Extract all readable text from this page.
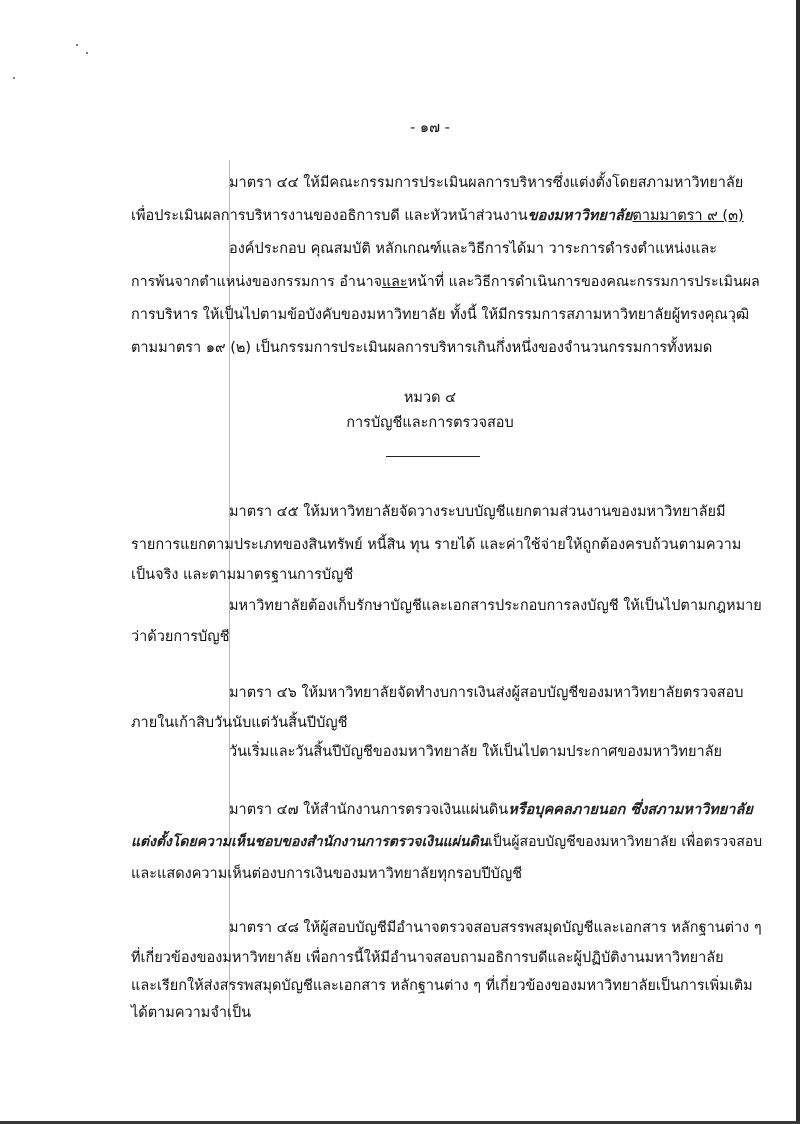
- ๑๗ -
มาตรา ๔๔ ให้มีคณะกรรมการประเมินผลการบริหารซึ่งแต่งตั้งโดยสภามหาวิทยาลัย
เพื่อประเมินผลการบริหารงานของอธิการบดี และหัวหน้าส่วนงานของมหาวิทยาลัยตามมาตรา ๙ (๓)
องค์ประกอบ คุณสมบัติ หลักเกณฑ์และวิธีการได้มา วาระการดำรงตำแหน่งและ
การพ้นจากตำแหน่งของกรรมการ อำนาจและหน้าที่ และวิธีการดำเนินการของคณะกรรมการประเมินผล
การบริหาร ให้เป็นไปตามข้อบังคับของมหาวิทยาลัย ทั้งนี้ ให้มีกรรมการสภามหาวิทยาลัยผู้ทรงคุณวุฒิ
ตามมาตรา ๑๙ (๒) เป็นกรรมการประเมินผลการบริหารเกินกึ่งหนึ่งของจำนวนกรรมการทั้งหมด
หมวด ๔
การบัญชีและการตรวจสอบ
มาตรา ๔๕ ให้มหาวิทยาลัยจัดวางระบบบัญชีแยกตามส่วนงานของมหาวิทยาลัยมี
รายการแยกตามประเภทของสินทรัพย์ หนี้สิน ทุน รายได้ และค่าใช้จ่ายให้ถูกต้องครบถ้วนตามความ
เป็นจริง และตามมาตรฐานการบัญชี
มหาวิทยาลัยต้องเก็บรักษาบัญชีและเอกสารประกอบการลงบัญชี ให้เป็นไปตามกฎหมาย
ว่าด้วยการบัญชี
มาตรา ๔๖ ให้มหาวิทยาลัยจัดทำงบการเงินส่งผู้สอบบัญชีของมหาวิทยาลัยตรวจสอบ
ภายในเก้าสิบวันนับแต่วันสิ้นปีบัญชี
วันเริ่มและวันสิ้นปีบัญชีของมหาวิทยาลัย ให้เป็นไปตามประกาศของมหาวิทยาลัย
มาตรา ๔๗ ให้สำนักงานการตรวจเงินแผ่นดินหรือบุคคลภายนอก ซึ่งสภามหาวิทยาลัย
แต่งตั้งโดยความเห็นชอบของสำนักงานการตรวจเงินแผ่นดินเป็นผู้สอบบัญชีของมหาวิทยาลัย เพื่อตรวจสอบ
และแสดงความเห็นต่องบการเงินของมหาวิทยาลัยทุกรอบปีบัญชี
มาตรา ๔๘ ให้ผู้สอบบัญชีมีอำนาจตรวจสอบสรรพสมุดบัญชีและเอกสาร หลักฐานต่าง ๆ
ที่เกี่ยวข้องของมหาวิทยาลัย เพื่อการนี้ให้มีอำนาจสอบถามอธิการบดีและผู้ปฏิบัติงานมหาวิทยาลัย
และเรียกให้ส่งสรรพสมุดบัญชีและเอกสาร หลักฐานต่าง ๆ ที่เกี่ยวข้องของมหาวิทยาลัยเป็นการเพิ่มเติม
ได้ตามความจำเป็น
